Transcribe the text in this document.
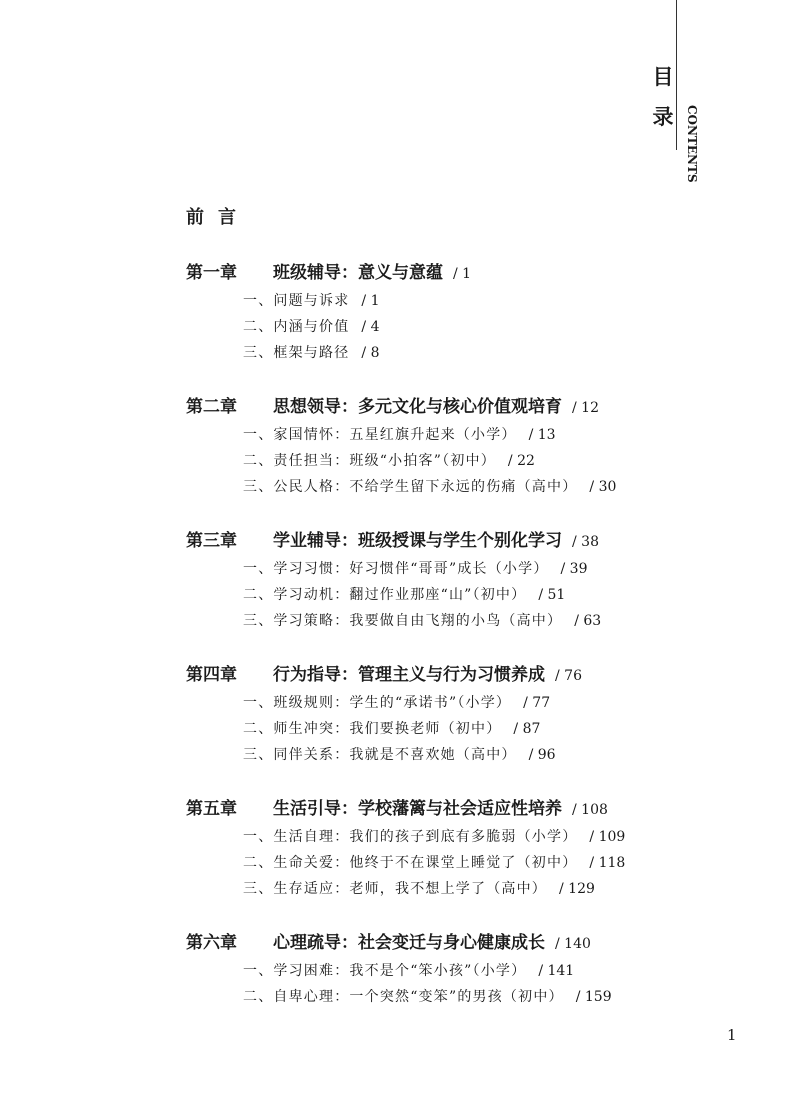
目
录 CONTENTS
前言
第一章 班级辅导：意义与意蕴 / 1
一、问题与诉求 / 1
二、内涵与价值 / 4
三、框架与路径 / 8
第二章 思想领导：多元文化与核心价值观培育 / 12
一、家国情怀：五星红旗升起来（小学） / 13
二、责任担当：班级“小拍客”（初中） / 22
三、公民人格：不给学生留下永远的伤痛（高中） / 30
第三章 学业辅导：班级授课与学生个别化学习 / 38
一、学习习惯：好习惯伴“哥哥”成长（小学） / 39
二、学习动机：翻过作业那座“山”（初中） / 51
三、学习策略：我要做自由飞翔的小鸟（高中） / 63
第四章 行为指导：管理主义与行为习惯养成 / 76
一、班级规则：学生的“承诺书”（小学） / 77
二、师生冲突：我们要换老师（初中） / 87
三、同伴关系：我就是不喜欢她（高中） / 96
第五章 生活引导：学校藩篱与社会适应性培养 / 108
一、生活自理：我们的孩子到底有多脆弱（小学） / 109
二、生命关爱：他终于不在课堂上睡觉了（初中） / 118
三、生存适应：老师，我不想上学了（高中） / 129
第六章 心理疏导：社会变迁与身心健康成长 / 140
一、学习困难：我不是个“笨小孩”（小学） / 141
二、自卑心理：一个突然“变笨”的男孩（初中） / 159
1
